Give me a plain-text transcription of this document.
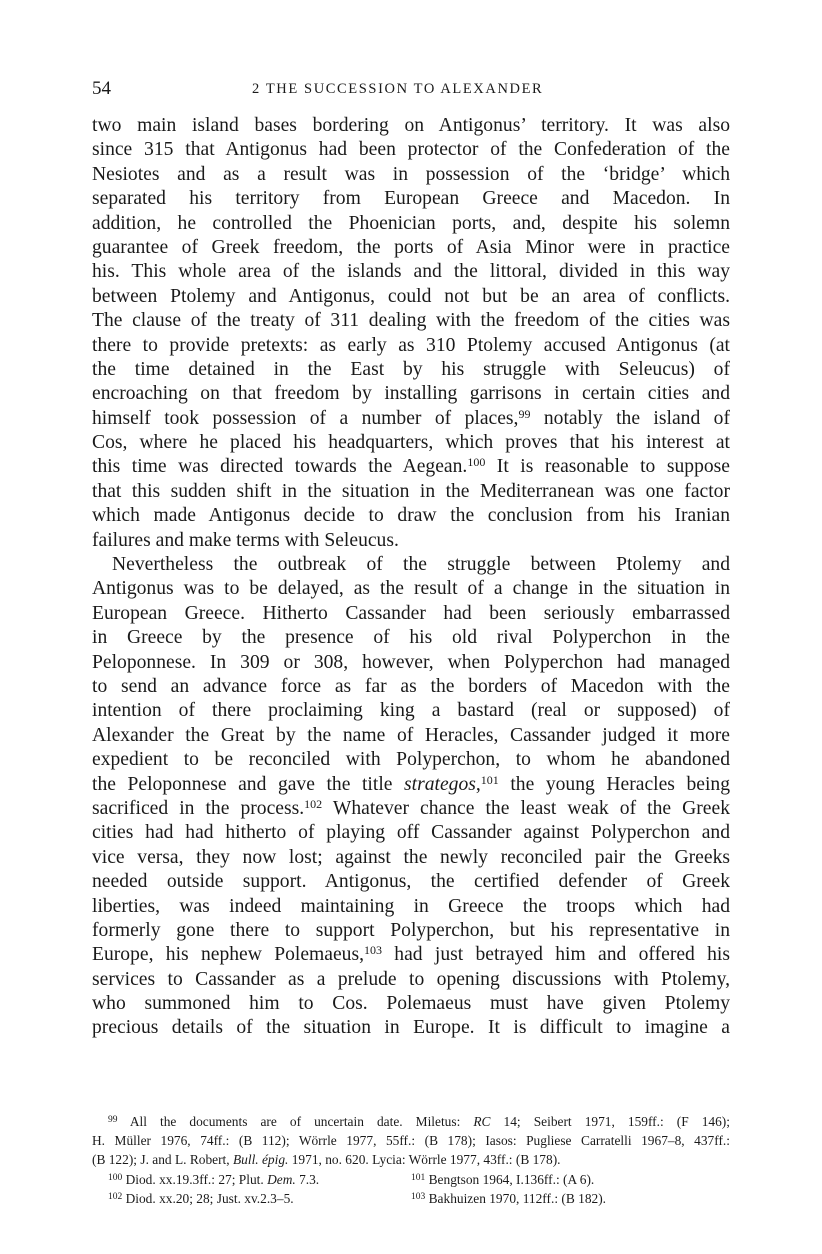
54	2 THE SUCCESSION TO ALEXANDER
two main island bases bordering on Antigonus’ territory. It was also
since 315 that Antigonus had been protector of the Confederation of the
Nesiotes and as a result was in possession of the ‘bridge’ which
separated his territory from European Greece and Macedon. In
addition, he controlled the Phoenician ports, and, despite his solemn
guarantee of Greek freedom, the ports of Asia Minor were in practice
his. This whole area of the islands and the littoral, divided in this way
between Ptolemy and Antigonus, could not but be an area of conflicts.
The clause of the treaty of 311 dealing with the freedom of the cities was
there to provide pretexts: as early as 310 Ptolemy accused Antigonus (at
the time detained in the East by his struggle with Seleucus) of
encroaching on that freedom by installing garrisons in certain cities and
himself took possession of a number of places,$^{99}$ notably the island of
Cos, where he placed his headquarters, which proves that his interest at
this time was directed towards the Aegean.$^{100}$ It is reasonable to suppose
that this sudden shift in the situation in the Mediterranean was one factor
which made Antigonus decide to draw the conclusion from his Iranian
failures and make terms with Seleucus.
Nevertheless the outbreak of the struggle between Ptolemy and
Antigonus was to be delayed, as the result of a change in the situation in
European Greece. Hitherto Cassander had been seriously embarrassed
in Greece by the presence of his old rival Polyperchon in the
Peloponnese. In 309 or 308, however, when Polyperchon had managed
to send an advance force as far as the borders of Macedon with the
intention of there proclaiming king a bastard (real or supposed) of
Alexander the Great by the name of Heracles, Cassander judged it more
expedient to be reconciled with Polyperchon, to whom he abandoned
the Peloponnese and gave the title strategos,$^{101}$ the young Heracles being
sacrificed in the process.$^{102}$ Whatever chance the least weak of the Greek
cities had had hitherto of playing off Cassander against Polyperchon and
vice versa, they now lost; against the newly reconciled pair the Greeks
needed outside support. Antigonus, the certified defender of Greek
liberties, was indeed maintaining in Greece the troops which had
formerly gone there to support Polyperchon, but his representative in
Europe, his nephew Polemaeus,$^{103}$ had just betrayed him and offered his
services to Cassander as a prelude to opening discussions with Ptolemy,
who summoned him to Cos. Polemaeus must have given Ptolemy
precious details of the situation in Europe. It is difficult to imagine a
$^{99}$ All the documents are of uncertain date. Miletus: RC 14; Seibert 1971, 159ff.: (F 146);
H. Müller 1976, 74ff.: (B 112); Wörrle 1977, 55ff.: (B 178); Iasos: Pugliese Carratelli 1967–8, 437ff.:
(B 122); J. and L. Robert, Bull. épig. 1971, no. 620. Lycia: Wörrle 1977, 43ff.: (B 178).
$^{100}$ Diod. xx.19.3ff.: 27; Plut. Dem. 7.3.	$^{101}$ Bengtson 1964, I.136ff.: (A 6).
$^{102}$ Diod. xx.20; 28; Just. xv.2.3–5.	$^{103}$ Bakhuizen 1970, 112ff.: (B 182).
